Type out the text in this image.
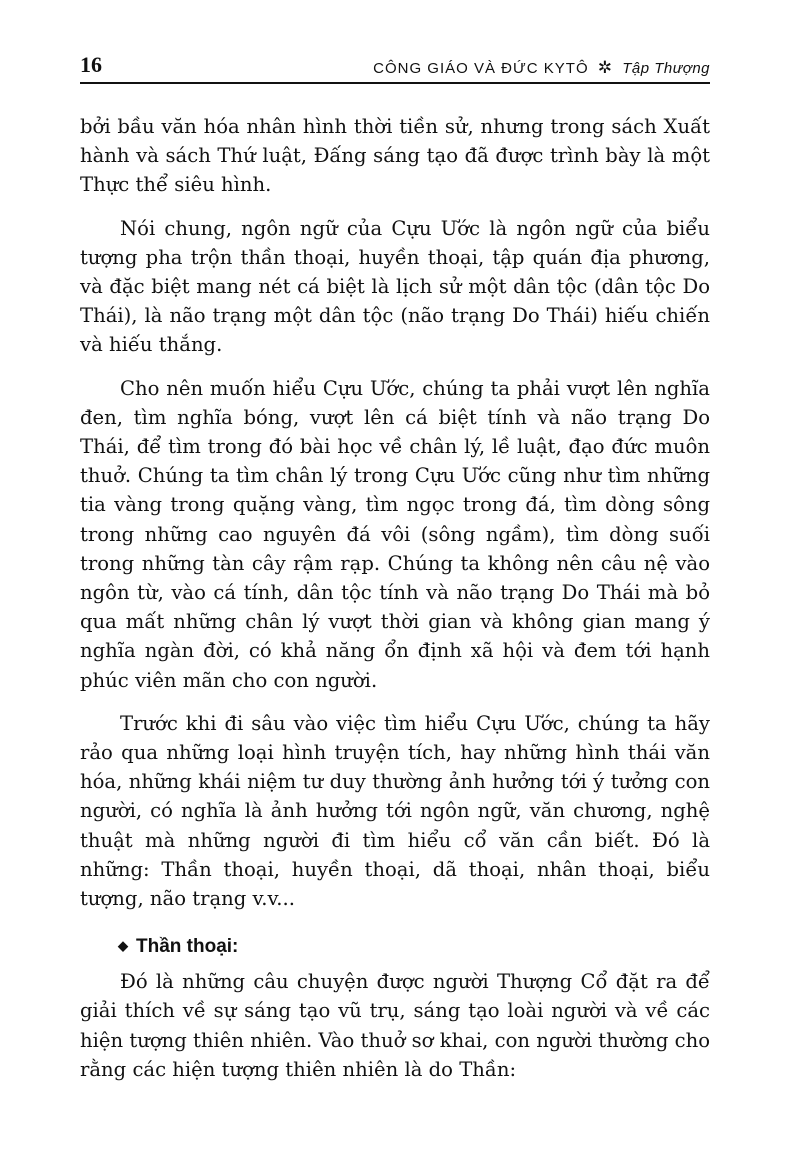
16	CÔNG GIÁO VÀ ĐỨC KYTÔ ✲ Tập Thượng

bởi bầu văn hóa nhân hình thời tiền sử, nhưng trong sách Xuất hành và sách Thứ luật, Đấng sáng tạo đã được trình bày là một Thực thể siêu hình.

Nói chung, ngôn ngữ của Cựu Ước là ngôn ngữ của biểu tượng pha trộn thần thoại, huyền thoại, tập quán địa phương, và đặc biệt mang nét cá biệt là lịch sử một dân tộc (dân tộc Do Thái), là não trạng một dân tộc (não trạng Do Thái) hiếu chiến và hiếu thắng.

Cho nên muốn hiểu Cựu Ước, chúng ta phải vượt lên nghĩa đen, tìm nghĩa bóng, vượt lên cá biệt tính và não trạng Do Thái, để tìm trong đó bài học về chân lý, lề luật, đạo đức muôn thuở. Chúng ta tìm chân lý trong Cựu Ước cũng như tìm những tia vàng trong quặng vàng, tìm ngọc trong đá, tìm dòng sông trong những cao nguyên đá vôi (sông ngầm), tìm dòng suối trong những tàn cây rậm rạp. Chúng ta không nên câu nệ vào ngôn từ, vào cá tính, dân tộc tính và não trạng Do Thái mà bỏ qua mất những chân lý vượt thời gian và không gian mang ý nghĩa ngàn đời, có khả năng ổn định xã hội và đem tới hạnh phúc viên mãn cho con người.

Trước khi đi sâu vào việc tìm hiểu Cựu Ước, chúng ta hãy rảo qua những loại hình truyện tích, hay những hình thái văn hóa, những khái niệm tư duy thường ảnh hưởng tới ý tưởng con người, có nghĩa là ảnh hưởng tới ngôn ngữ, văn chương, nghệ thuật mà những người đi tìm hiểu cổ văn cần biết. Đó là những: Thần thoại, huyền thoại, dã thoại, nhân thoại, biểu tượng, não trạng v.v...

◆ Thần thoại:

Đó là những câu chuyện được người Thượng Cổ đặt ra để giải thích về sự sáng tạo vũ trụ, sáng tạo loài người và về các hiện tượng thiên nhiên. Vào thuở sơ khai, con người thường cho rằng các hiện tượng thiên nhiên là do Thần:
